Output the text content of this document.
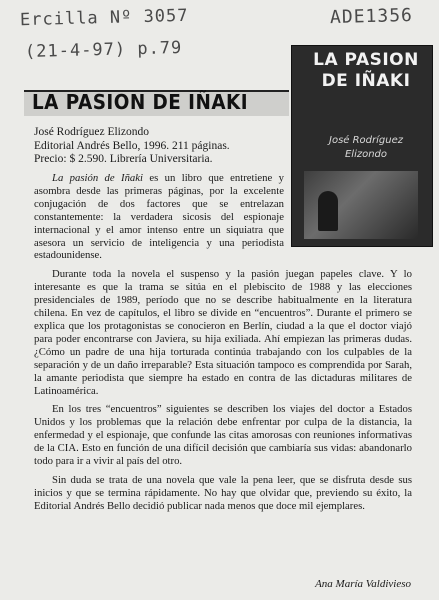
Ercilla Nº 3057
(21-4-97) p.79
ADE1356
LA PASION DE IÑAKI
José Rodríguez Elizondo
LA PASION DE IÑAKI
José Rodríguez Elizondo
Editorial Andrés Bello, 1996. 211 páginas.
Precio: $ 2.590. Librería Universitaria.

La pasión de Iñaki es un libro que entretiene y asombra desde las primeras páginas, por la excelente conjugación de dos factores que se entrelazan constantemente: la verdadera sicosis del espionaje internacional y el amor intenso entre un siquiatra que asesora un servicio de inteligencia y una periodista estadounidense.

Durante toda la novela el suspenso y la pasión juegan papeles clave. Y lo interesante es que la trama se sitúa en el plebiscito de 1988 y las elecciones presidenciales de 1989, período que no se describe habitualmente en la literatura chilena. En vez de capítulos, el libro se divide en “encuentros”. Durante el primero se explica que los protagonistas se conocieron en Berlín, ciudad a la que el doctor viajó para poder encontrarse con Javiera, su hija exiliada. Ahí empiezan las primeras dudas. ¿Cómo un padre de una hija torturada continúa trabajando con los culpables de la separación y de un daño irreparable? Esta situación tampoco es comprendida por Sarah, la amante periodista que siempre ha estado en contra de las dictaduras militares de Latinoamérica.

En los tres “encuentros” siguientes se describen los viajes del doctor a Estados Unidos y los problemas que la relación debe enfrentar por culpa de la distancia, la enfermedad y el espionaje, que confunde las citas amorosas con reuniones informativas de la CIA. Esto en función de una difícil decisión que cambiaría sus vidas: abandonarlo todo para ir a vivir al país del otro.

Sin duda se trata de una novela que vale la pena leer, que se disfruta desde sus inicios y que se termina rápidamente. No hay que olvidar que, previendo su éxito, la Editorial Andrés Bello decidió publicar nada menos que doce mil ejemplares.

Ana María Valdivieso
